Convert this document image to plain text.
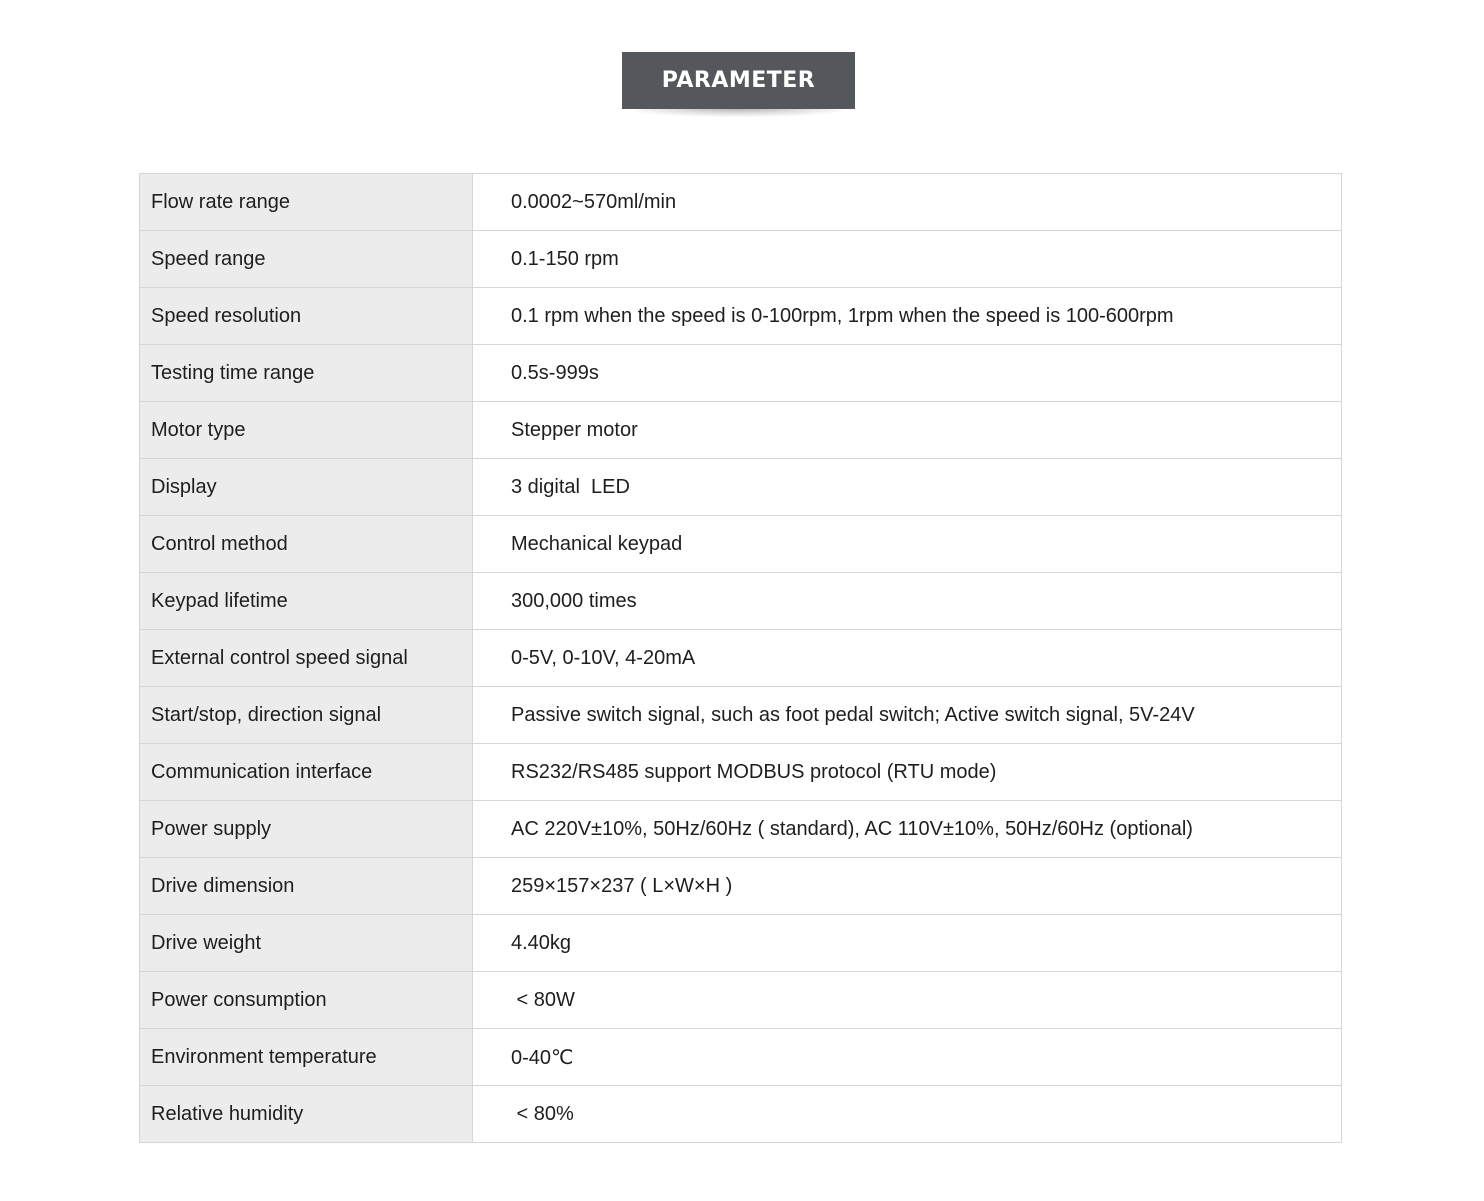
PARAMETER
Flow rate range	0.0002~570ml/min
Speed range	0.1-150 rpm
Speed resolution	0.1 rpm when the speed is 0-100rpm, 1rpm when the speed is 100-600rpm
Testing time range	0.5s-999s
Motor type	Stepper motor
Display	3 digital  LED
Control method	Mechanical keypad
Keypad lifetime	300,000 times
External control speed signal	0-5V, 0-10V, 4-20mA
Start/stop, direction signal	Passive switch signal, such as foot pedal switch; Active switch signal, 5V-24V
Communication interface	RS232/RS485 support MODBUS protocol (RTU mode)
Power supply	AC 220V±10%, 50Hz/60Hz ( standard), AC 110V±10%, 50Hz/60Hz (optional)
Drive dimension	259×157×237 ( L×W×H )
Drive weight	4.40kg
Power consumption	< 80W
Environment temperature	0-40℃
Relative humidity	< 80%
